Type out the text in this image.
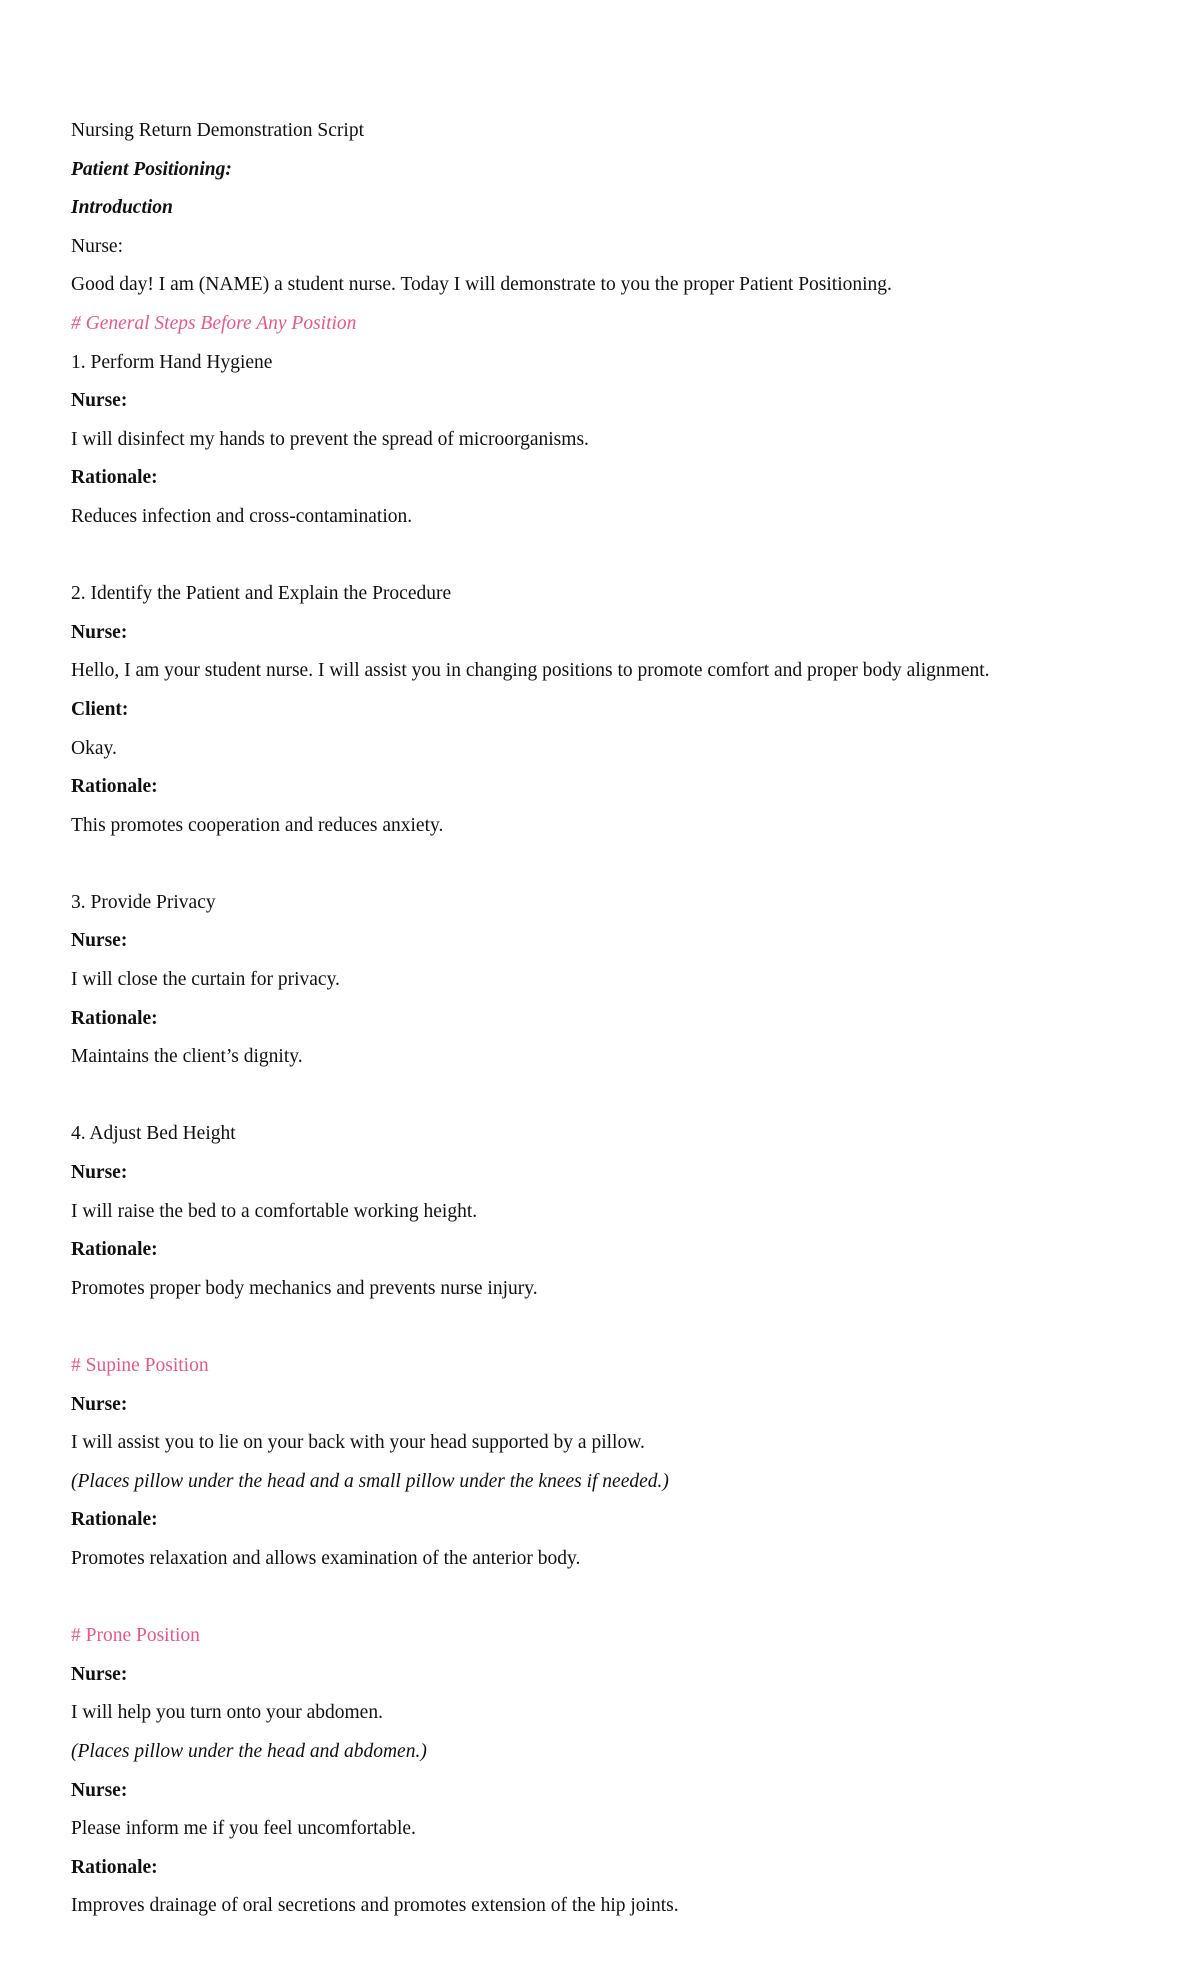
Nursing Return Demonstration Script
Patient Positioning:
Introduction
Nurse:
Good day! I am (NAME) a student nurse. Today I will demonstrate to you the proper Patient Positioning.
# General Steps Before Any Position
1. Perform Hand Hygiene
Nurse:
I will disinfect my hands to prevent the spread of microorganisms.
Rationale:
Reduces infection and cross-contamination.
2. Identify the Patient and Explain the Procedure
Nurse:
Hello, I am your student nurse. I will assist you in changing positions to promote comfort and proper body alignment.
Client:
Okay.
Rationale:
This promotes cooperation and reduces anxiety.
3. Provide Privacy
Nurse:
I will close the curtain for privacy.
Rationale:
Maintains the client’s dignity.
4. Adjust Bed Height
Nurse:
I will raise the bed to a comfortable working height.
Rationale:
Promotes proper body mechanics and prevents nurse injury.
# Supine Position
Nurse:
I will assist you to lie on your back with your head supported by a pillow.
(Places pillow under the head and a small pillow under the knees if needed.)
Rationale:
Promotes relaxation and allows examination of the anterior body.
# Prone Position
Nurse:
I will help you turn onto your abdomen.
(Places pillow under the head and abdomen.)
Nurse:
Please inform me if you feel uncomfortable.
Rationale:
Improves drainage of oral secretions and promotes extension of the hip joints.
